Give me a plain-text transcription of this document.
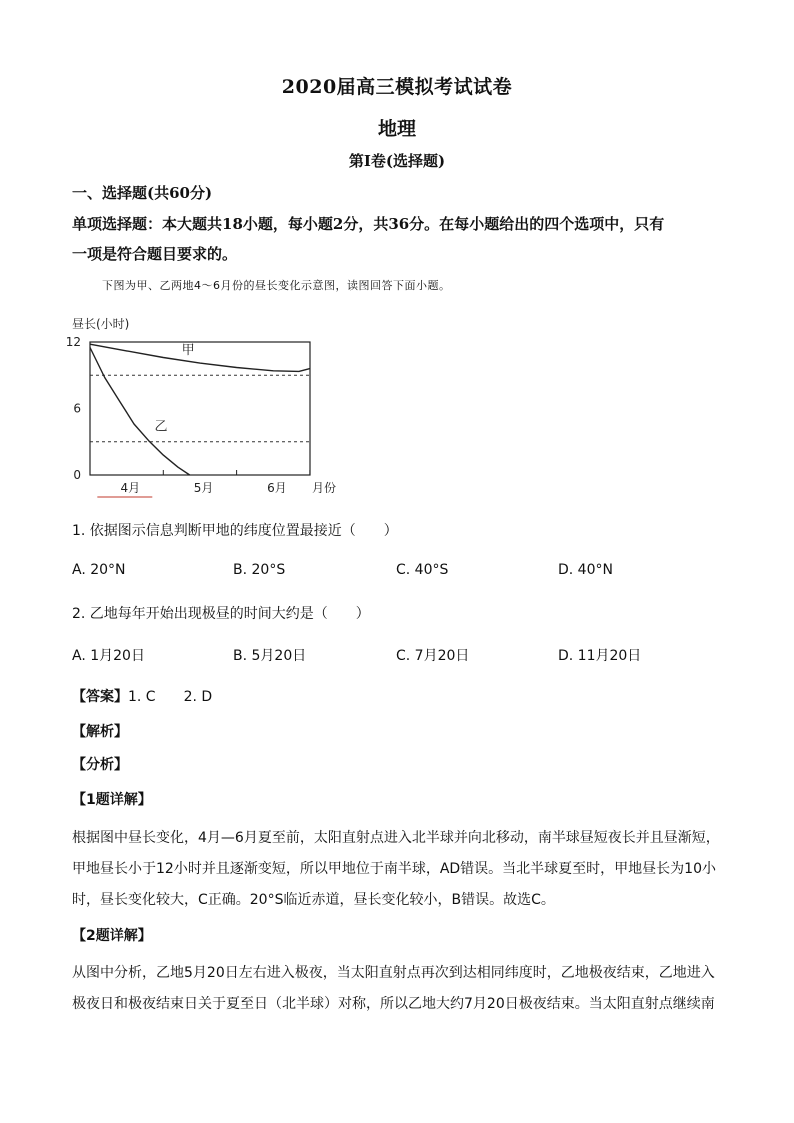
2020届高三模拟考试试卷
地理
第Ⅰ卷(选择题)
一、选择题(共60分)
单项选择题：本大题共18小题，每小题2分，共36分。在每小题给出的四个选项中，只有
一项是符合题目要求的。
下图为甲、乙两地4～6月份的昼长变化示意图，读图回答下面小题。
12
6
0
昼长(小时)
4月	5月	6月 月份
甲
乙
1. 依据图示信息判断甲地的纬度位置最接近（　　）
A. 20°N	B. 20°S	C. 40°S	D. 40°N
2. 乙地每年开始出现极昼的时间大约是（　　）
A. 1月20日	B. 5月20日	C. 7月20日	D. 11月20日
【答案】1. C　　2. D
【解析】
【分析】
【1题详解】
根据图中昼长变化，4月—6月夏至前，太阳直射点进入北半球并向北移动，南半球昼短夜长并且昼渐短，
甲地昼长小于12小时并且逐渐变短，所以甲地位于南半球，AD错误。当北半球夏至时，甲地昼长为10小
时，昼长变化较大，C正确。20°S临近赤道，昼长变化较小，B错误。故选C。
【2题详解】
从图中分析，乙地5月20日左右进入极夜，当太阳直射点再次到达相同纬度时，乙地极夜结束，乙地进入
极夜日和极夜结束日关于夏至日（北半球）对称，所以乙地大约7月20日极夜结束。当太阳直射点继续南
